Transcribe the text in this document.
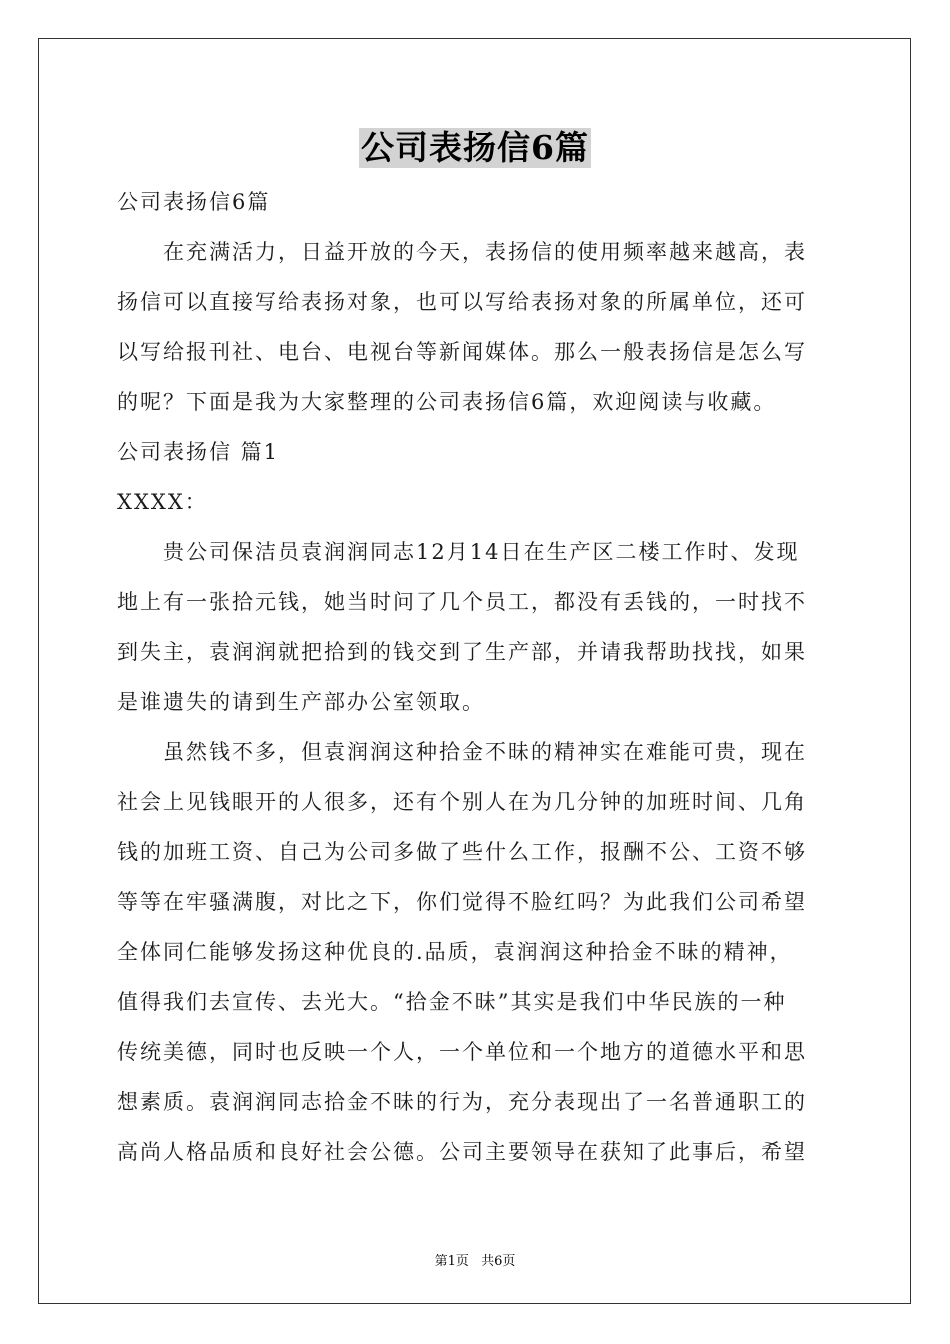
公司表扬信6篇
公司表扬信6篇
　　在充满活力，日益开放的今天，表扬信的使用频率越来越高，表
扬信可以直接写给表扬对象，也可以写给表扬对象的所属单位，还可
以写给报刊社、电台、电视台等新闻媒体。那么一般表扬信是怎么写
的呢？下面是我为大家整理的公司表扬信6篇，欢迎阅读与收藏。
公司表扬信 篇1
XXXX：
　　贵公司保洁员袁润润同志12月14日在生产区二楼工作时、发现
地上有一张拾元钱，她当时问了几个员工，都没有丢钱的，一时找不
到失主，袁润润就把拾到的钱交到了生产部，并请我帮助找找，如果
是谁遗失的请到生产部办公室领取。
　　虽然钱不多，但袁润润这种拾金不昧的精神实在难能可贵，现在
社会上见钱眼开的人很多，还有个别人在为几分钟的加班时间、几角
钱的加班工资、自己为公司多做了些什么工作，报酬不公、工资不够
等等在牢骚满腹，对比之下，你们觉得不脸红吗？为此我们公司希望
全体同仁能够发扬这种优良的.品质，袁润润这种拾金不昧的精神，
值得我们去宣传、去光大。“拾金不昧”其实是我们中华民族的一种
传统美德，同时也反映一个人，一个单位和一个地方的道德水平和思
想素质。袁润润同志拾金不昧的行为，充分表现出了一名普通职工的
高尚人格品质和良好社会公德。公司主要领导在获知了此事后，希望
第1页 共6页
